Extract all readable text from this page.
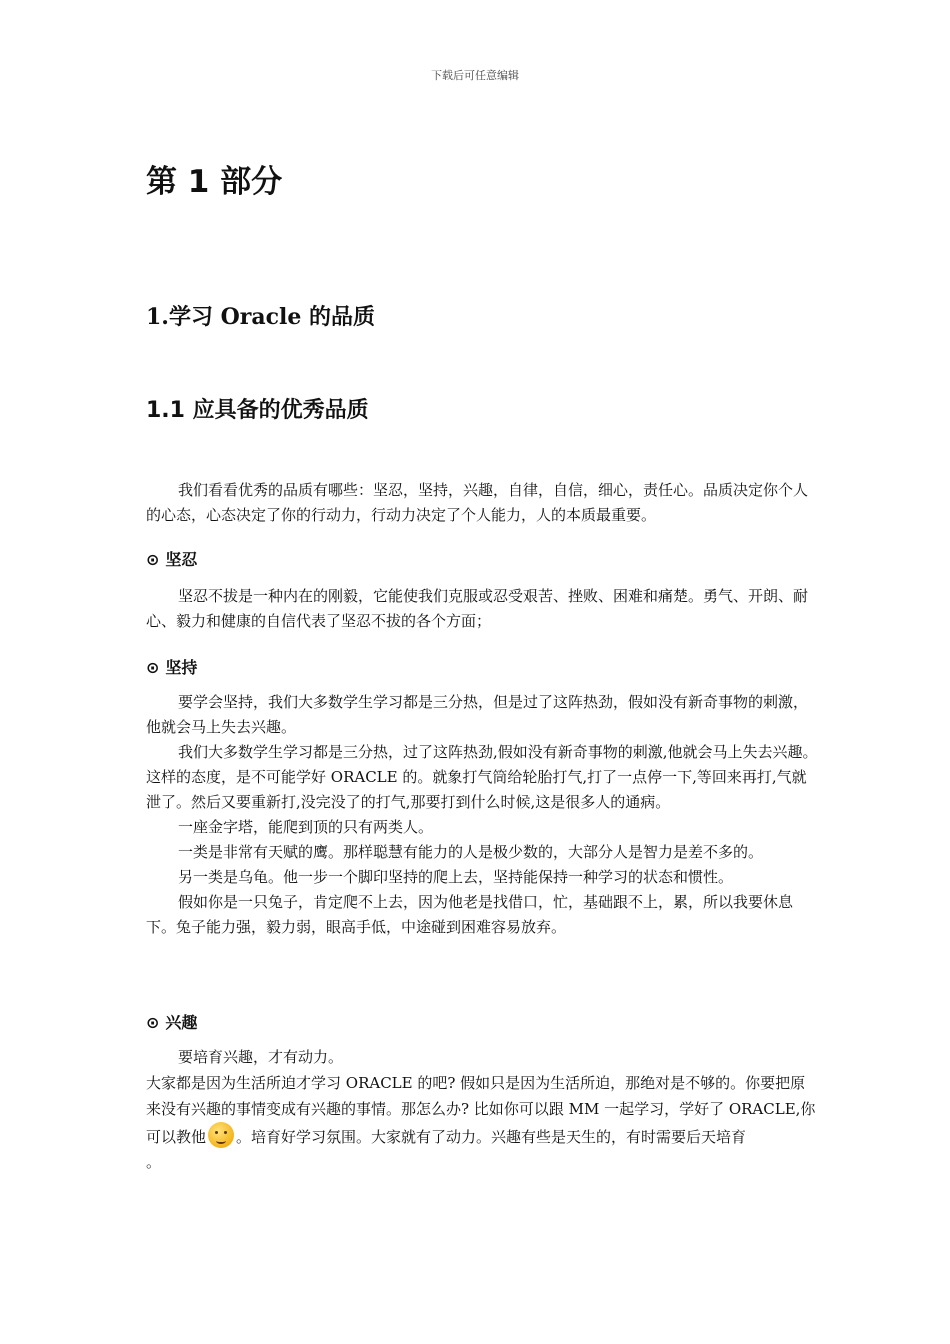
下载后可任意编辑
第 1 部分
1.学习 Oracle 的品质
1.1 应具备的优秀品质

我们看看优秀的品质有哪些：坚忍，坚持，兴趣，自律，自信，细心，责任心。品质决定你个人的心态，心态决定了你的行动力，行动力决定了个人能力，人的本质最重要。

⊙ 坚忍

坚忍不拔是一种内在的刚毅，它能使我们克服或忍受艰苦、挫败、困难和痛楚。勇气、开朗、耐心、毅力和健康的自信代表了坚忍不拔的各个方面；

⊙ 坚持

要学会坚持，我们大多数学生学习都是三分热，但是过了这阵热劲，假如没有新奇事物的刺激，他就会马上失去兴趣。

我们大多数学生学习都是三分热，过了这阵热劲,假如没有新奇事物的刺激,他就会马上失去兴趣。这样的态度，是不可能学好 ORACLE 的。就象打气筒给轮胎打气,打了一点停一下,等回来再打,气就泄了。然后又要重新打,没完没了的打气,那要打到什么时候,这是很多人的通病。

一座金字塔，能爬到顶的只有两类人。

一类是非常有天赋的鹰。那样聪慧有能力的人是极少数的，大部分人是智力是差不多的。

另一类是乌龟。他一步一个脚印坚持的爬上去，坚持能保持一种学习的状态和惯性。

假如你是一只兔子，肯定爬不上去，因为他老是找借口，忙，基础跟不上，累，所以我要休息下。兔子能力强，毅力弱，眼高手低，中途碰到困难容易放弃。

⊙ 兴趣

要培育兴趣，才有动力。

大家都是因为生活所迫才学习 ORACLE 的吧? 假如只是因为生活所迫，那绝对是不够的。你要把原来没有兴趣的事情变成有兴趣的事情。那怎么办? 比如你可以跟 MM 一起学习，学好了 ORACLE,你可以教他 。培育好学习氛围。大家就有了动力。兴趣有些是天生的，有时需要后天培育

。
